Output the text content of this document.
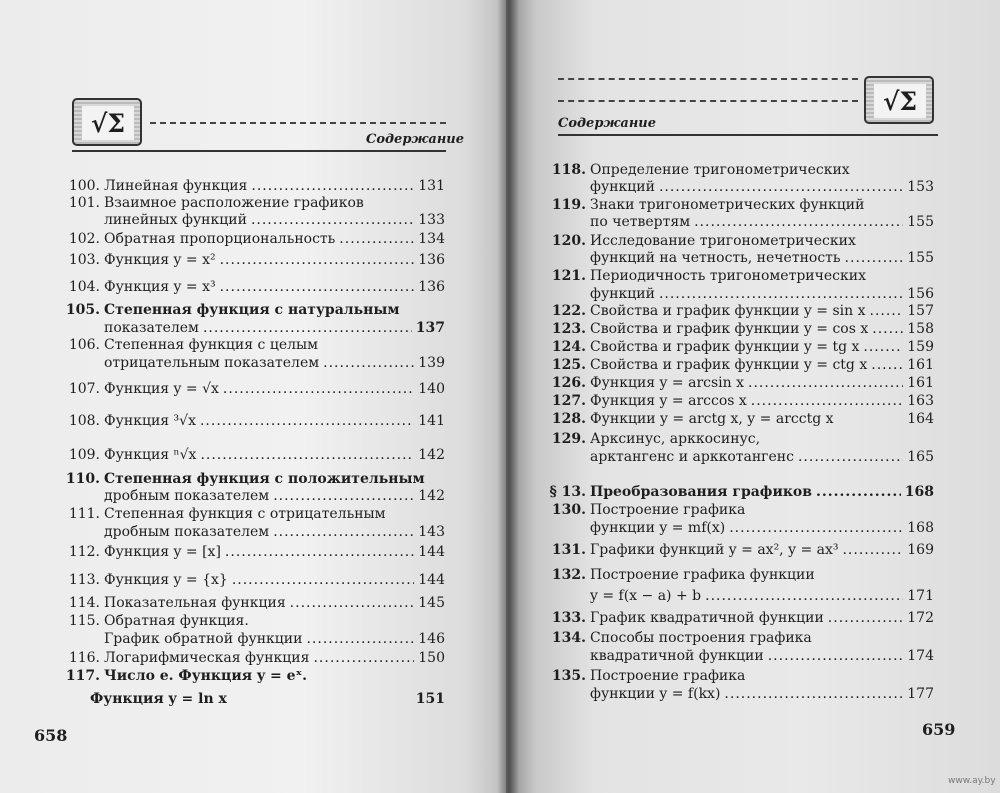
√Σ
Содержание
100. Линейная функция .....	131
101. Взаимное расположение графиков
линейных функций .....	133
102. Обратная пропорциональность .....	134
103. Функция y = x² .....	136
104. Функция y = x³ .....	136
105. Степенная функция с натуральным
показателем .....	137
106. Степенная функция с целым
отрицательным показателем .....	139
107. Функция y = √x .....	140
108. Функция ³√x .....	141
109. Функция ⁿ√x .....	142
110. Степенная функция с положительным
дробным показателем .....	142
111. Степенная функция с отрицательным
дробным показателем .....	143
112. Функция y = [x] .....	144
113. Функция y = {x} .....	144
114. Показательная функция .....	145
115. Обратная функция.
График обратной функции .....	146
116. Логарифмическая функция .....	150
117. Число e. Функция y = eˣ.
Функция y = ln x	151
658
√Σ
Содержание
118. Определение тригонометрических
функций .....	153
119. Знаки тригонометрических функций
по четвертям .....	155
120. Исследование тригонометрических
функций на четность, нечетность .....	155
121. Периодичность тригонометрических
функций .....	156
122. Свойства и график функции y = sin x .....	157
123. Свойства и график функции y = cos x .....	158
124. Свойства и график функции y = tg x .....	159
125. Свойства и график функции y = ctg x .....	161
126. Функция y = arcsin x .....	161
127. Функция y = arccos x .....	163
128. Функции y = arctg x, y = arcctg x	164
129. Арксинус, арккосинус,
арктангенс и арккотангенс .....	165
§ 13. Преобразования графиков .....	168
130. Построение графика
функции y = mf(x) .....	168
131. Графики функций y = ax², y = ax³ .....	169
132. Построение графика функции
y = f(x − a) + b .....	171
133. График квадратичной функции .....	172
134. Способы построения графика
квадратичной функции .....	174
135. Построение графика
функции y = f(kx) .....	177
659
www.ay.by
